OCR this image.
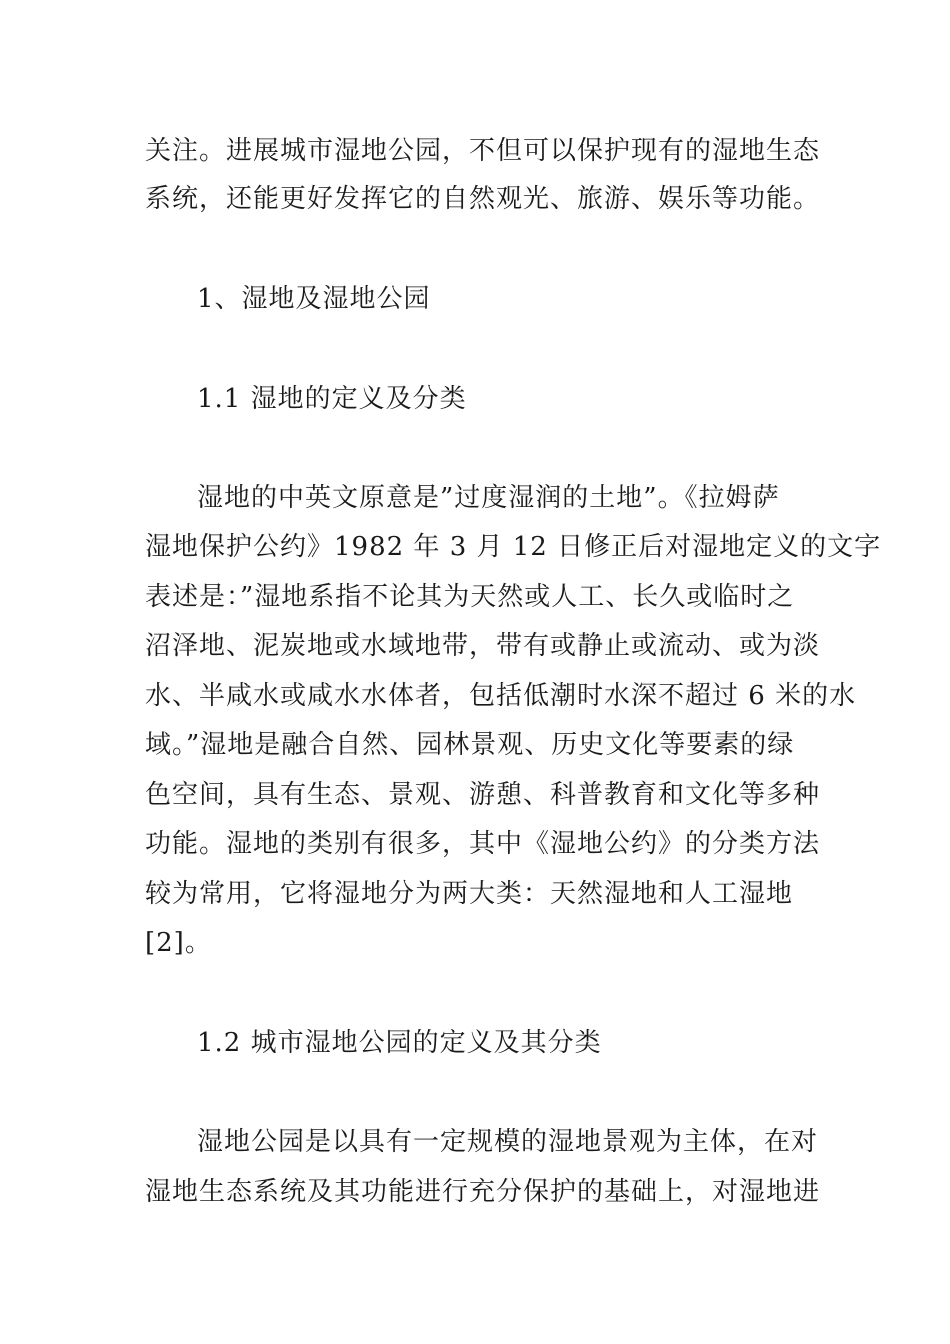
关注。进展城市湿地公园，不但可以保护现有的湿地生态
系统，还能更好发挥它的自然观光、旅游、娱乐等功能。
1、湿地及湿地公园
1.1 湿地的定义及分类
湿地的中英文原意是”过度湿润的土地”。《拉姆萨
湿地保护公约》1982 年 3 月 12 日修正后对湿地定义的文字
表述是：”湿地系指不论其为天然或人工、长久或临时之
沼泽地、泥炭地或水域地带，带有或静止或流动、或为淡
水、半咸水或咸水水体者，包括低潮时水深不超过 6 米的水
域。”湿地是融合自然、园林景观、历史文化等要素的绿
色空间，具有生态、景观、游憩、科普教育和文化等多种
功能。湿地的类别有很多，其中《湿地公约》的分类方法
较为常用，它将湿地分为两大类：天然湿地和人工湿地
[2]。
1.2 城市湿地公园的定义及其分类
湿地公园是以具有一定规模的湿地景观为主体，在对
湿地生态系统及其功能进行充分保护的基础上，对湿地进
